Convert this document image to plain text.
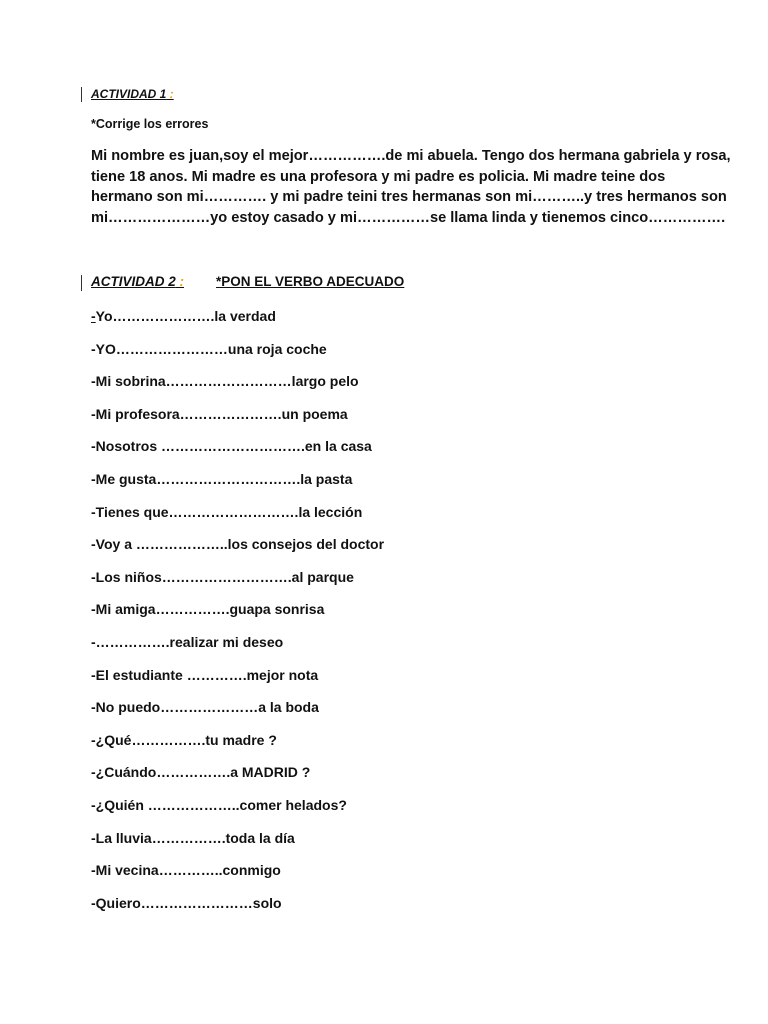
ACTIVIDAD 1 :
*Corrige los errores

Mi nombre es juan,soy el mejor…………….de mi abuela. Tengo dos hermana gabriela y rosa,
tiene 18 anos. Mi madre es una profesora y mi padre es policia. Mi madre teine dos
hermano son mi…………. y mi padre teini tres hermanas son mi………..y tres hermanos son
mi…………………yo estoy casado y mi……………se llama linda y tienemos cinco…………….

ACTIVIDAD 2 : *PON EL VERBO ADECUADO
-Yo………………….la verdad
-YO……………………una roja coche
-Mi sobrina………………………largo pelo
-Mi profesora………………….un poema
-Nosotros ………………………….en la casa
-Me gusta………………………….la pasta
-Tienes que……………………….la lección
-Voy a ………………..los consejos del doctor
-Los niños……………………….al parque
-Mi amiga…………….guapa sonrisa
-…………….realizar mi deseo
-El estudiante ………….mejor nota
-No puedo…………………a la boda
-¿Qué…………….tu madre ?
-¿Cuándo…………….a MADRID ?
-¿Quién ………………..comer helados?
-La lluvia…………….toda la día
-Mi vecina…………..conmigo
-Quiero……………………solo
